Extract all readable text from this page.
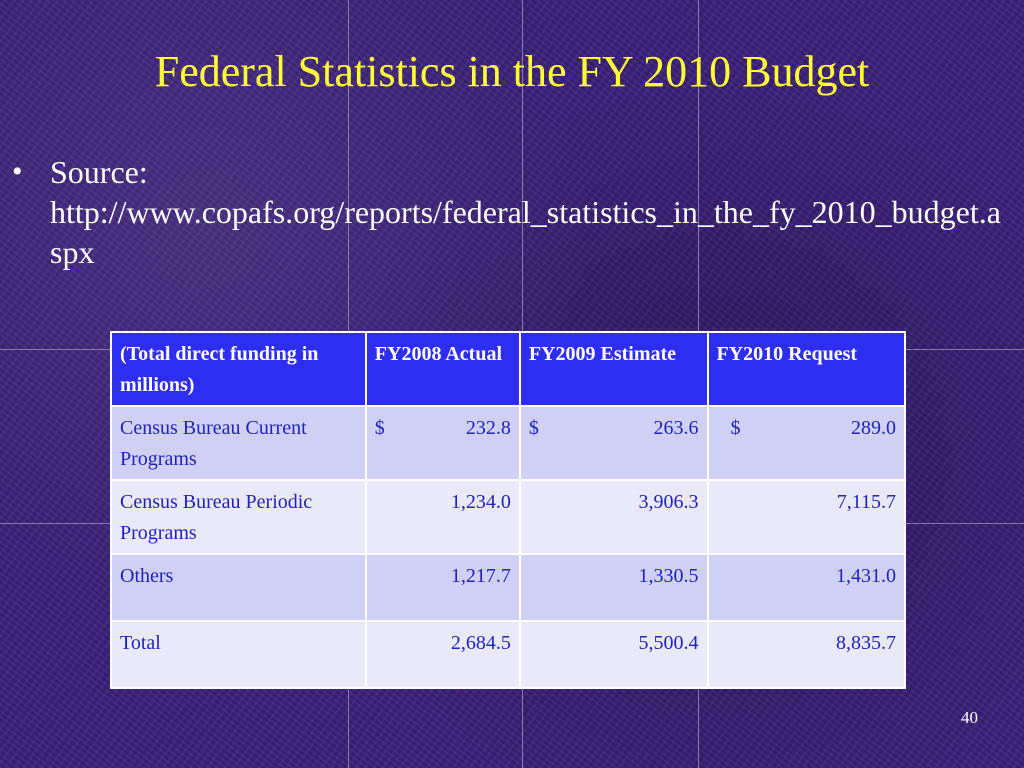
Federal Statistics in the FY 2010 Budget
• Source:
http://www.copafs.org/reports/federal_statistics_in_the_fy_2010_budget.aspx
(Total direct funding in millions)	FY2008 Actual	FY2009 Estimate	FY2010 Request
Census Bureau Current Programs	$ 232.8	$ 263.6	$ 289.0

Census Bureau Periodic Programs	1,234.0	3,906.3	7,115.7
Others	1,217.7	1,330.5	1,431.0
Total	2,684.5	5,500.4	8,835.7
40
